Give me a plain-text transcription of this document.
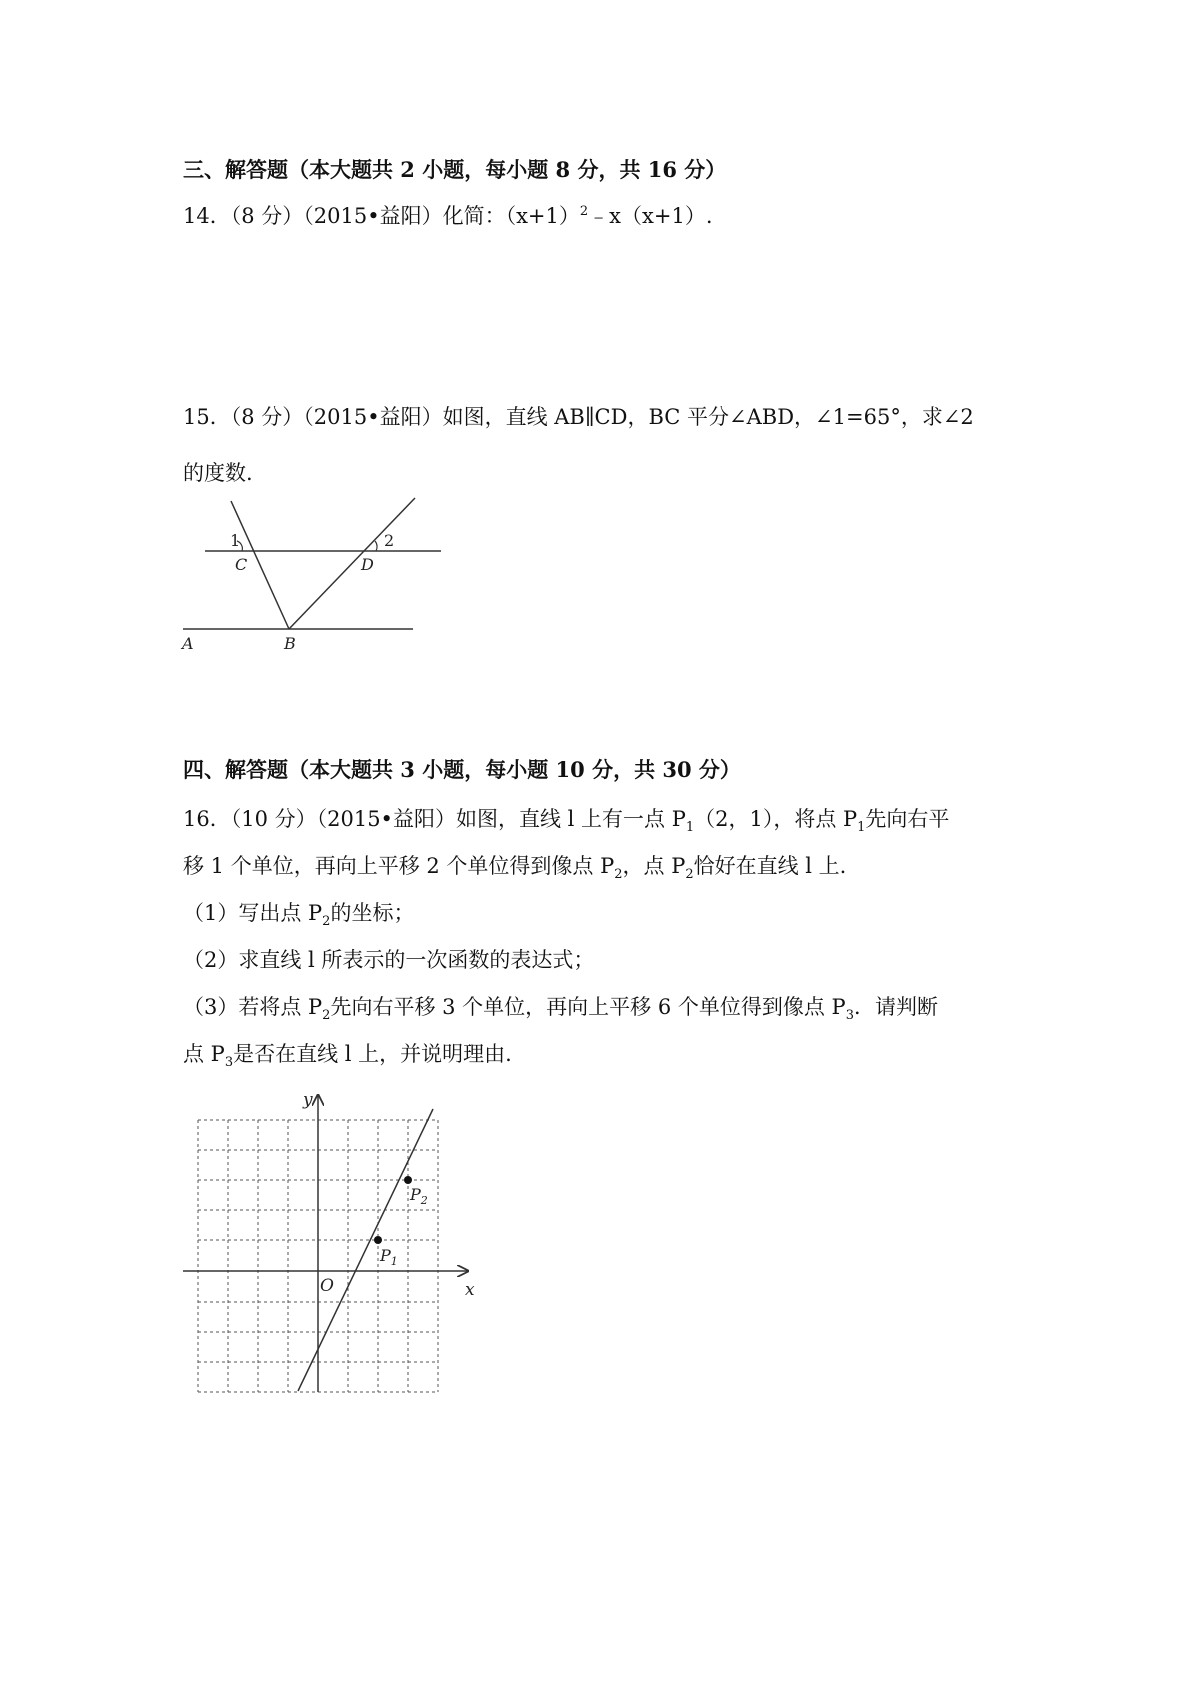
三、解答题（本大题共 2 小题，每小题 8 分，共 16 分）
14．（8 分）（2015•益阳）化简：$(x+1)^2﹣x(x+1)$.
15．（8 分）（2015•益阳）如图，直线 AB∥CD，BC 平分∠ABD，∠1=65°，求∠2
的度数.
1	2
C	D
A	B
四、解答题（本大题共 3 小题，每小题 10 分，共 30 分）
16．（10 分）（2015•益阳）如图，直线 l 上有一点 $P_1(2$，1），将点 $P_1$先向右平
移 1 个单位，再向上平移 2 个单位得到像点 $P_2$，点 $P_2$恰好在直线 l 上.
（1）写出点 $P_2$的坐标；
（2）求直线 l 所表示的一次函数的表达式；
（3）若将点 $P_2$先向右平移 3 个单位，再向上平移 6 个单位得到像点 $P_3$．请判断
点 $P_3$是否在直线 l 上，并说明理由.
y
x
O
$P_1$
$P_2$
